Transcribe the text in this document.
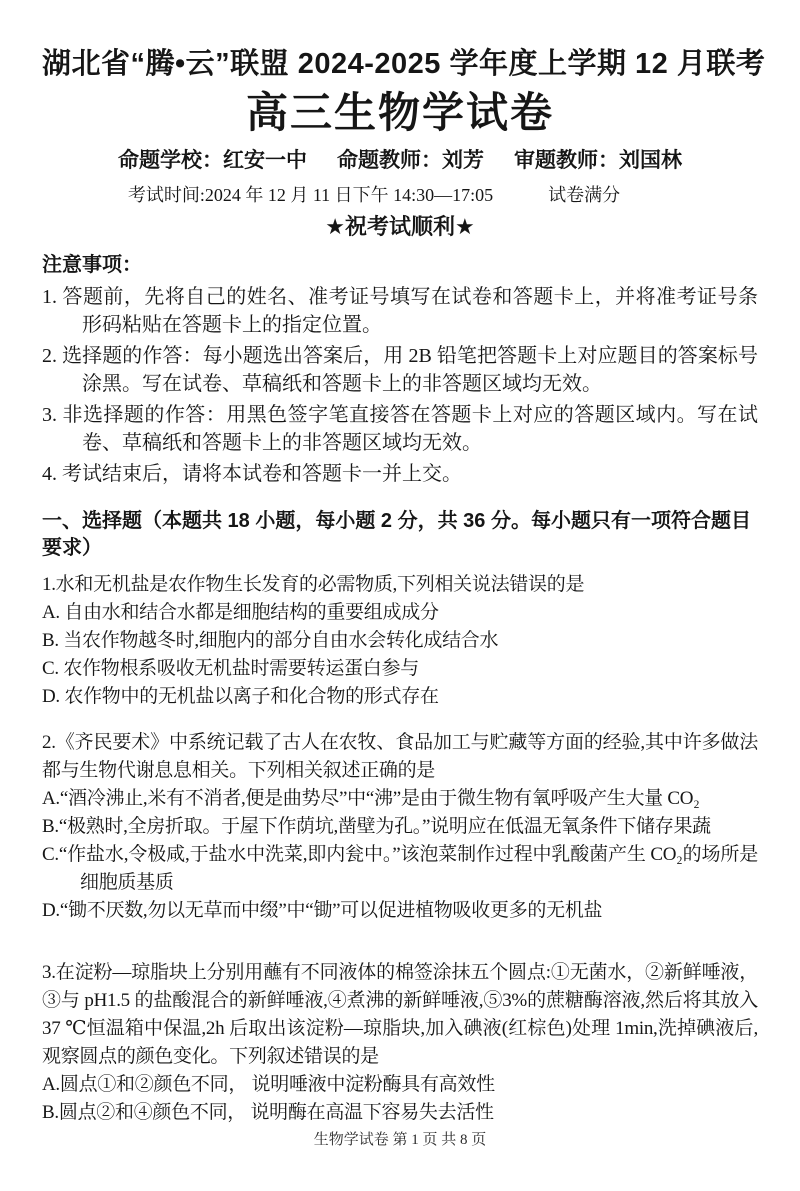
湖北省“腾•云”联盟 2024-2025 学年度上学期 12 月联考
高三生物学试卷
命题学校：红安一中 命题教师：刘芳 审题教师：刘国林
考试时间:2024 年 12 月 11 日下午 14:30—17:05	试卷满分
★祝考试顺利★
注意事项：
1. 答题前，先将自己的姓名、准考证号填写在试卷和答题卡上，并将准考证号条形码粘贴在答题卡上的指定位置。
2. 选择题的作答：每小题选出答案后，用 2B 铅笔把答题卡上对应题目的答案标号涂黑。写在试卷、草稿纸和答题卡上的非答题区域均无效。
3. 非选择题的作答：用黑色签字笔直接答在答题卡上对应的答题区域内。写在试卷、草稿纸和答题卡上的非答题区域均无效。
4. 考试结束后，请将本试卷和答题卡一并上交。
一、选择题（本题共 18 小题，每小题 2 分，共 36 分。每小题只有一项符合题目要求）
1.水和无机盐是农作物生长发育的必需物质,下列相关说法错误的是
A. 自由水和结合水都是细胞结构的重要组成成分
B. 当农作物越冬时,细胞内的部分自由水会转化成结合水
C. 农作物根系吸收无机盐时需要转运蛋白参与
D. 农作物中的无机盐以离子和化合物的形式存在
2.《齐民要术》中系统记载了古人在农牧、食品加工与贮藏等方面的经验,其中许多做法都与生物代谢息息相关。下列相关叙述正确的是
A.“酒冷沸止,米有不消者,便是曲势尽”中“沸”是由于微生物有氧呼吸产生大量 CO₂
B.“极熟时,全房折取。于屋下作荫坑,凿壁为孔。”说明应在低温无氧条件下储存果蔬
C.“作盐水,令极咸,于盐水中洗菜,即内瓮中。”该泡菜制作过程中乳酸菌产生 CO₂的场所是细胞质基质
D.“锄不厌数,勿以无草而中缀”中“锄”可以促进植物吸收更多的无机盐
3.在淀粉—琼脂块上分别用蘸有不同液体的棉签涂抹五个圆点:①无菌水，②新鲜唾液，③与 pH1.5 的盐酸混合的新鲜唾液,④煮沸的新鲜唾液,⑤3%的蔗糖酶溶液,然后将其放入 37 ℃恒温箱中保温,2h 后取出该淀粉—琼脂块,加入碘液(红棕色)处理 1min,洗掉碘液后,观察圆点的颜色变化。下列叙述错误的是
A.圆点①和②颜色不同， 说明唾液中淀粉酶具有高效性
B.圆点②和④颜色不同， 说明酶在高温下容易失去活性
生物学试卷 第 1 页 共 8 页
